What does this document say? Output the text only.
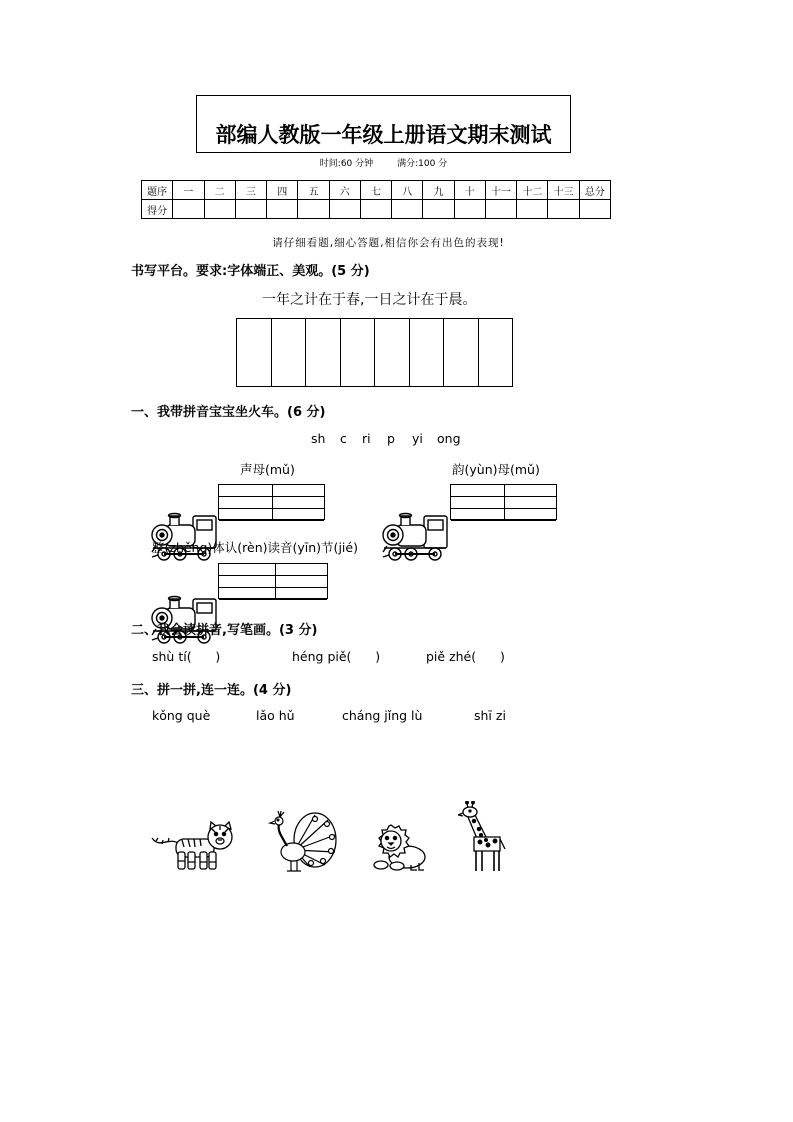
部编人教版一年级上册语文期末测试
时间:60 分钟	满分:100 分
题序	一	二	三	四	五	六	七	八	九	十	十一	十二	十三	总分
得分														
请仔细看题,细心答题,相信你会有出色的表现!
书写平台。要求:字体端正、美观。(5 分)
一年之计在于春,一日之计在于晨。
一、我带拼音宝宝坐火车。(6 分)
sh c ri p yi ong
声母(mǔ)	韵(yùn)母(mǔ)

整(zhěng)体认(rèn)读音(yīn)节(jié)

二、我会读拼音,写笔画。(3 分)
shù tí(      )	héng piě(      )	piě zhé(      )
三、拼一拼,连一连。(4 分)
kǒng què	lǎo hǔ	cháng jǐng lù	shī zi
